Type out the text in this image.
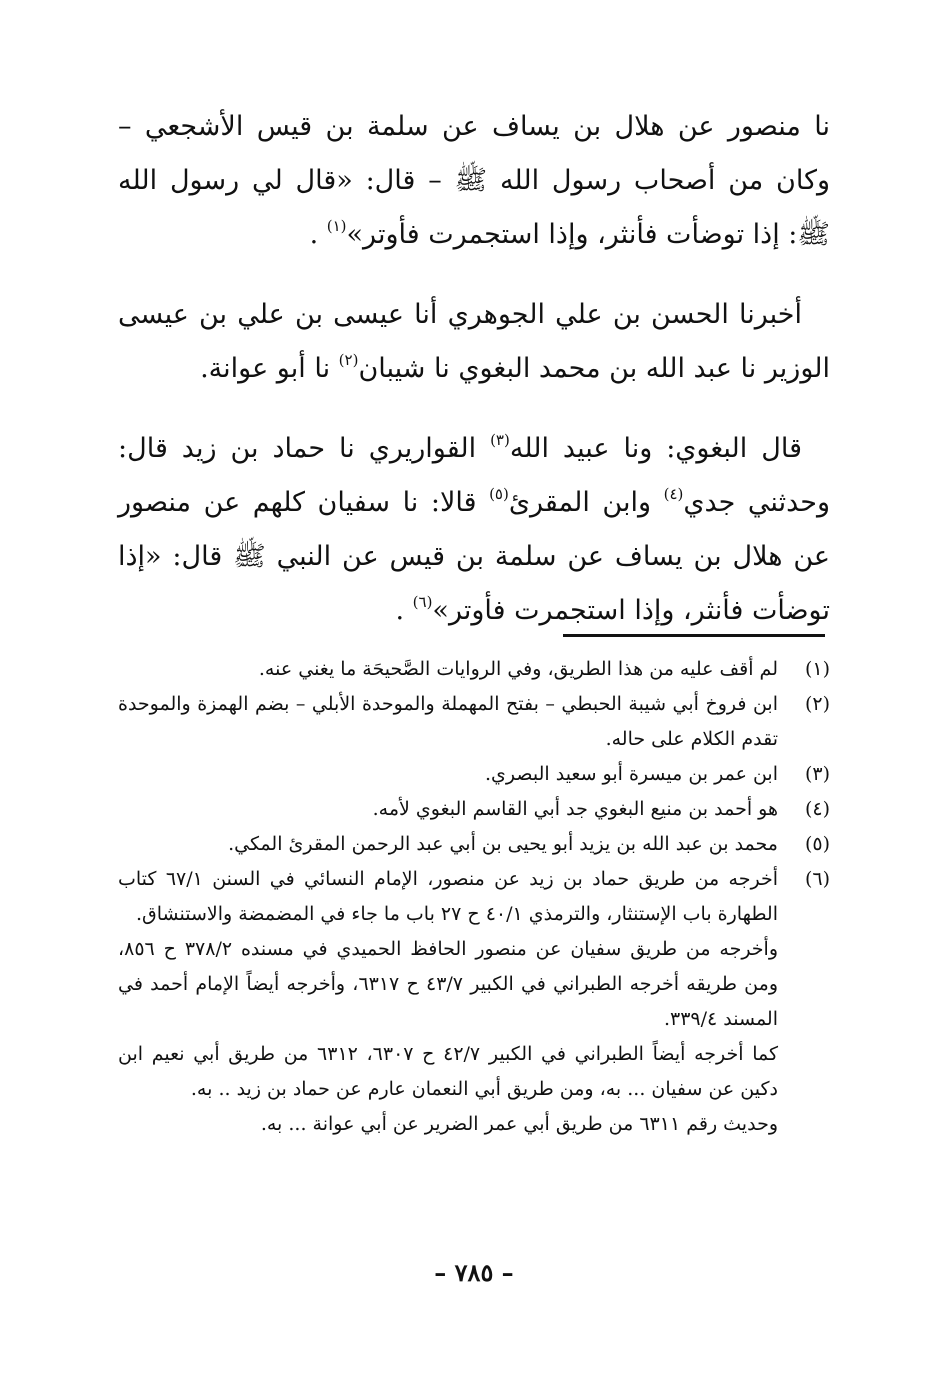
نا منصور عن هلال بن يساف عن سلمة بن قيس الأشجعي – وكان من أصحاب رسول الله ﷺ – قال: «قال لي رسول الله ﷺ: إذا توضأت فأنثر، وإذا استجمرت فأوتر»$^{(١)}$ .

أخبرنا الحسن بن علي الجوهري أنا عيسى بن علي بن عيسى الوزير نا عبد الله بن محمد البغوي نا شيبان$^{(٢)}$ نا أبو عوانة.

قال البغوي: ونا عبيد الله$^{(٣)}$ القواريري نا حماد بن زيد قال: وحدثني جدي$^{(٤)}$ وابن المقرئ$^{(٥)}$ قالا: نا سفيان كلهم عن منصور عن هلال بن يساف عن سلمة بن قيس عن النبي ﷺ قال: «إذا توضأت فأنثر، وإذا استجمرت فأوتر»$^{(٦)}$ .

(١)

لم أقف عليه من هذا الطريق، وفي الروايات الصَّحيحَة ما يغني عنه.

(٢)

ابن فروخ أبي شيبة الحبطي – بفتح المهملة والموحدة الأبلي – بضم الهمزة والموحدة تقدم الكلام على حاله.

(٣)

ابن عمر بن ميسرة أبو سعيد البصري.

(٤)

هو أحمد بن منيع البغوي جد أبي القاسم البغوي لأمه.

(٥)

محمد بن عبد الله بن يزيد أبو يحيى بن أبي عبد الرحمن المقرئ المكي.

(٦)

أخرجه من طريق حماد بن زيد عن منصور، الإمام النسائي في السنن ٦٧/١ كتاب الطهارة باب الإستنثار، والترمذي ٤٠/١ ح ٢٧ باب ما جاء في المضمضة والاستنشاق.

وأخرجه من طريق سفيان عن منصور الحافظ الحميدي في مسنده ٣٧٨/٢ ح ٨٥٦، ومن طريقه أخرجه الطبراني في الكبير ٤٣/٧ ح ٦٣١٧، وأخرجه أيضاً الإمام أحمد في المسند ٣٣٩/٤.

كما أخرجه أيضاً الطبراني في الكبير ٤٢/٧ ح ٦٣٠٧، ٦٣١٢ من طريق أبي نعيم ابن دكين عن سفيان ... به، ومن طريق أبي النعمان عارم عن حماد بن زيد .. به.

وحديث رقم ٦٣١١ من طريق أبي عمر الضرير عن أبي عوانة ... به.

– ٧٨٥ –
